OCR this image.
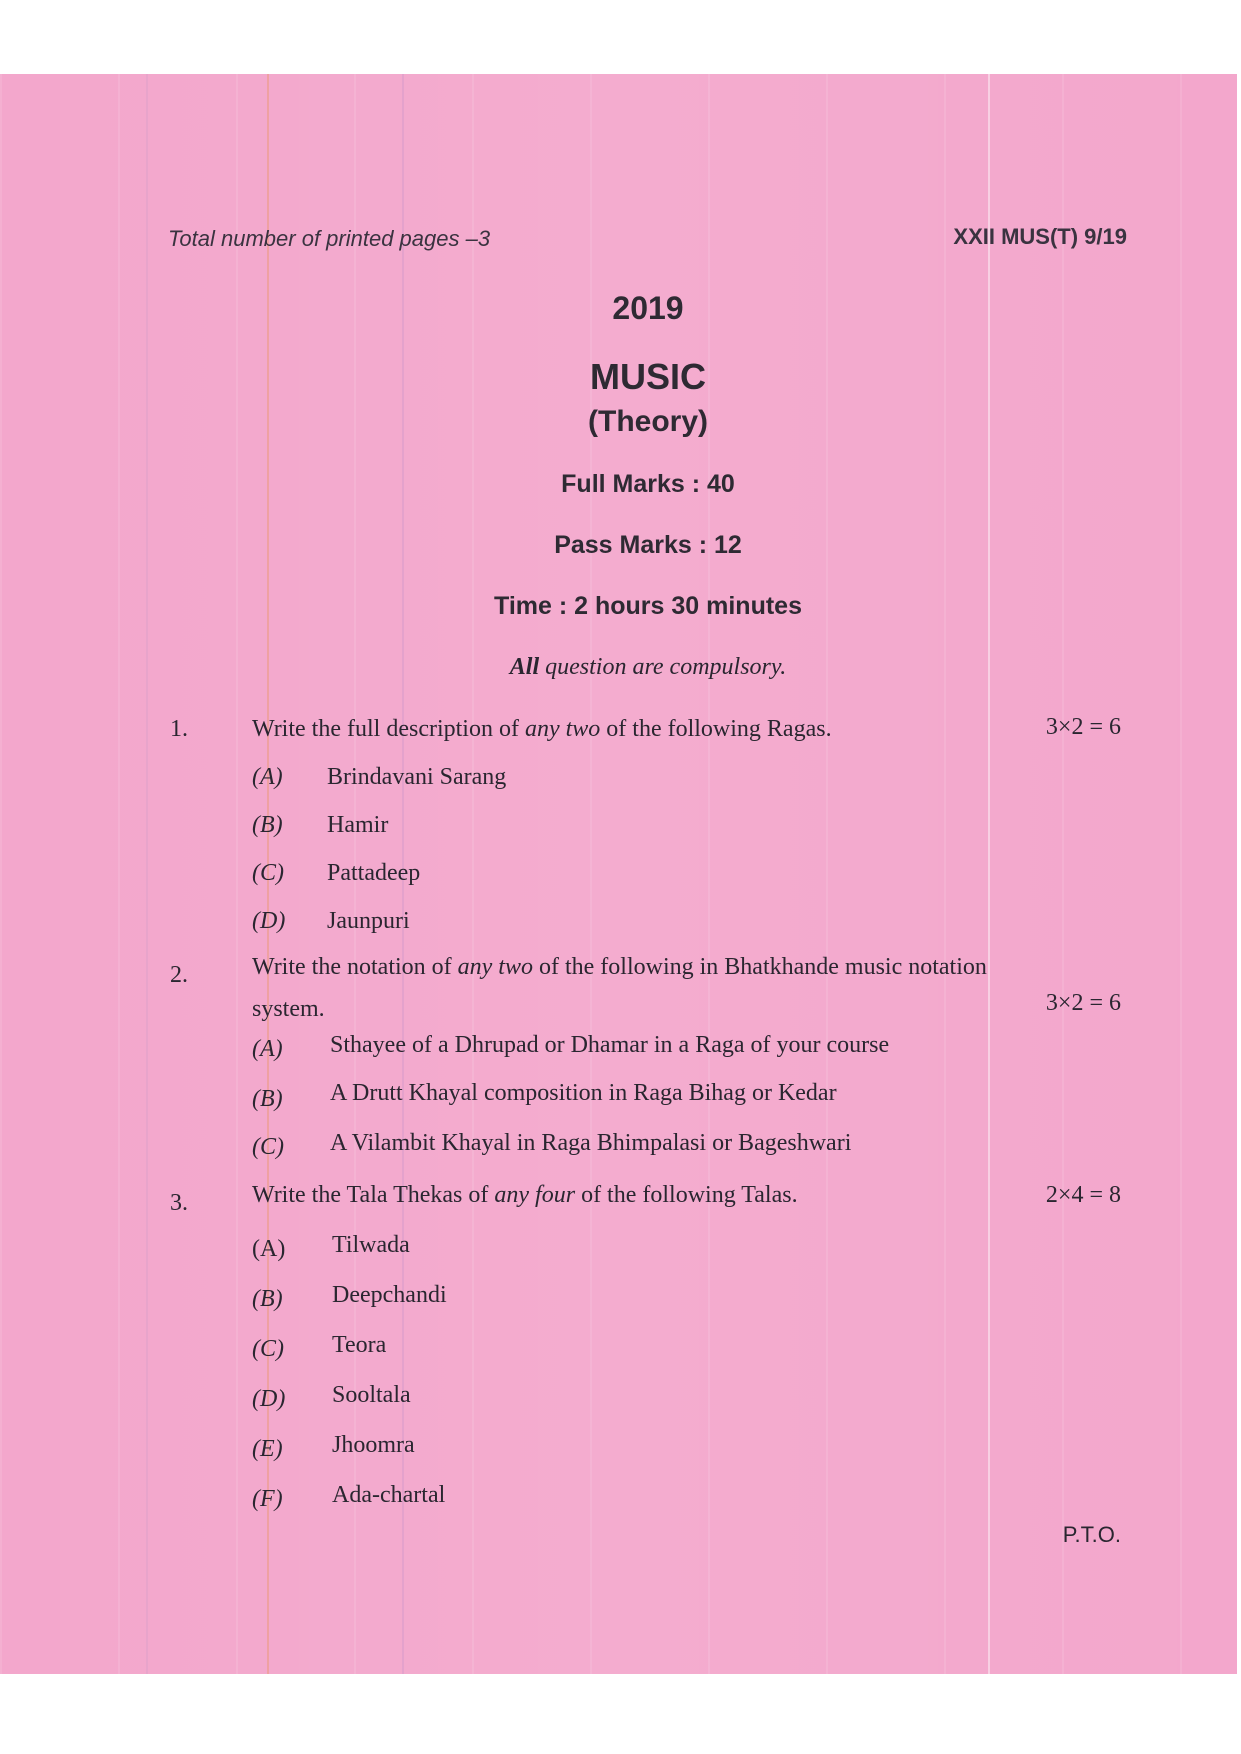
Total number of printed pages –3	XXII MUS(T) 9/19
2019
MUSIC
(Theory)
Full Marks : 40
Pass Marks : 12
Time : 2 hours 30 minutes
All question are compulsory.
1.	Write the full description of any two of the following Ragas.	3×2 = 6
(A) Brindavani Sarang
(B) Hamir
(C) Pattadeep
(D) Jaunpuri
2.	Write the notation of any two of the following in Bhatkhande music notation
system.	3×2 = 6
(A) Sthayee of a Dhrupad or Dhamar in a Raga of your course
(B) A Drutt Khayal composition in Raga Bihag or Kedar
(C) A Vilambit Khayal in Raga Bhimpalasi or Bageshwari
3.	Write the Tala Thekas of any four of the following Talas.	2×4 = 8
(A) Tilwada
(B) Deepchandi
(C) Teora
(D) Sooltala
(E) Jhoomra
(F) Ada-chartal
P.T.O.
